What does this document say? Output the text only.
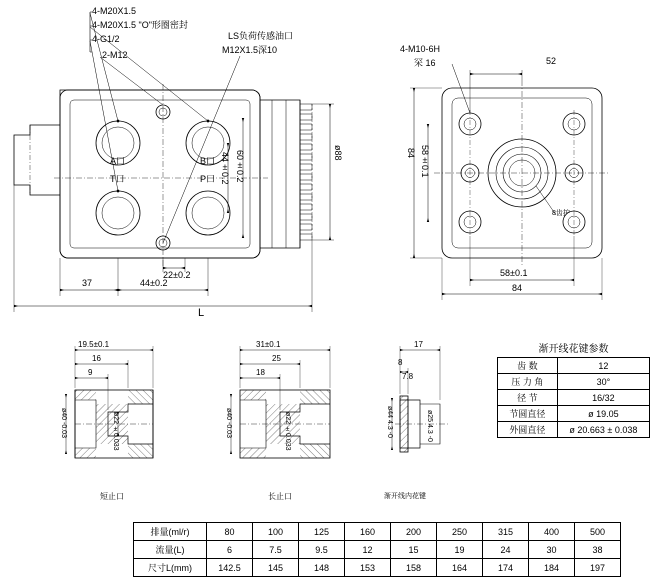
4-M20X1.5
4-M20X1.5 "O"形圈密封
4-G1/2
2-M12
LS负荷传感油口
M12X1.5深10
A口	B口
T口	P口
ø88
60±0.2
44±0.2
22±0.2
37	44±0.2
L
4-M10-6H
罙 16	52
84 58±0.1
58±0.1
84
8齿护
19.5±0.1
16
9
ø40 -0.03	ø22 ±0.033
短止口
31±0.1
25
18
ø40 -0.03	ø22 ±0.033
长止口
17
8
7.8
ø44 4.3 -0	ø25 4.3 -0
渐开线内花键
渐开线花键参数
齿 数	12
压 力 角	30°
径 节	16/32
节圆直径	ø 19.05
外圆直径	ø 20.663 ± 0.038
排量(ml/r)	80	100	125	160	200	250	315	400	500
流量(L)	6	7.5	9.5	12	15	19	24	30	38
尺寸L(mm)	142.5	145	148	153	158	164	174	184	197
